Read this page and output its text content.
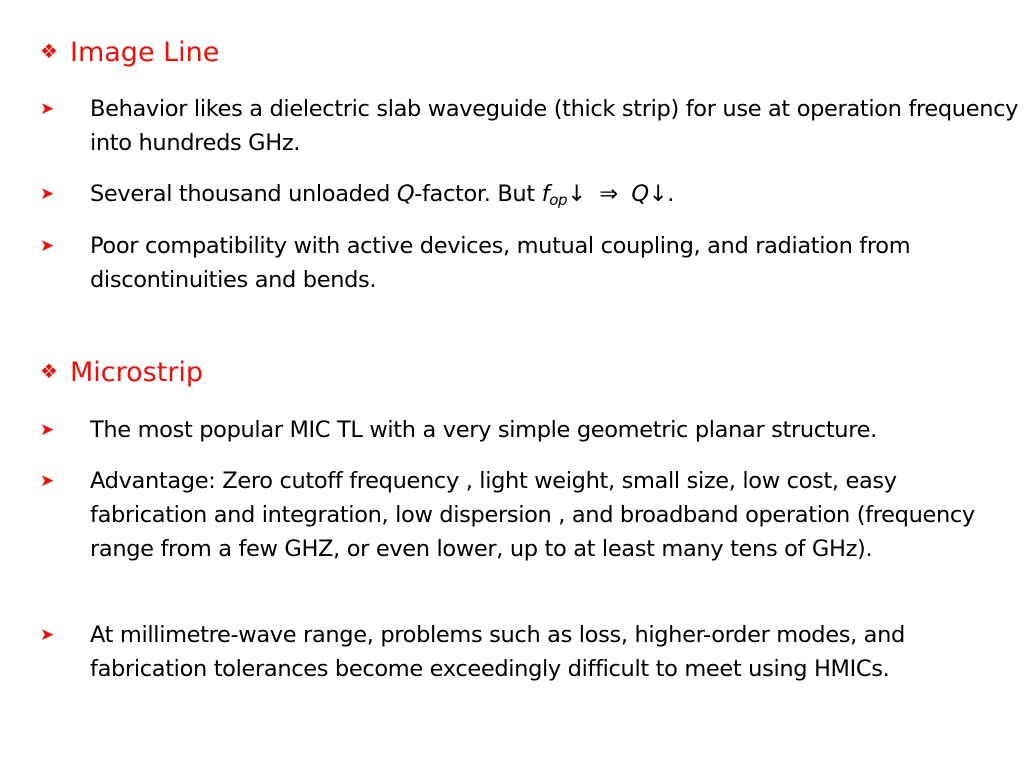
❖ Image Line
➤ Behavior likes a dielectric slab waveguide (thick strip) for use at operation frequency into hundreds GHz.
➤ Several thousand unloaded Q-factor. But $f_{op}↓$  ⇒  Q↓.
➤ Poor compatibility with active devices, mutual coupling, and radiation from discontinuities and bends.
❖ Microstrip
➤ The most popular MIC TL with a very simple geometric planar structure.
➤ Advantage: Zero cutoff frequency , light weight, small size, low cost, easy fabrication and integration, low dispersion , and broadband operation (frequency range from a few GHZ, or even lower, up to at least many tens of GHz).
➤ At millimetre-wave range, problems such as loss, higher-order modes, and fabrication tolerances become exceedingly difficult to meet using HMICs.
